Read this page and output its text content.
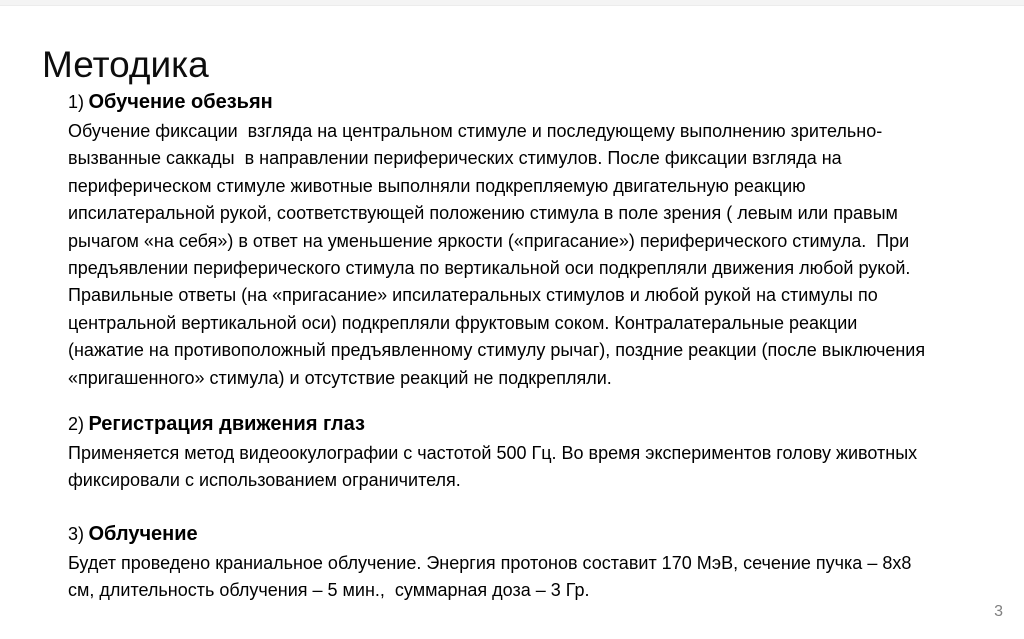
Методика

1) Обучение обезьян

Обучение фиксации  взгляда на центральном стимуле и последующему выполнению зрительно-вызванные саккады  в направлении периферических стимулов. После фиксации взгляда на периферическом стимуле животные выполняли подкрепляемую двигательную реакцию ипсилатеральной рукой, соответствующей положению стимула в поле зрения ( левым или правым рычагом «на себя») в ответ на уменьшение яркости («пригасание») периферического стимула.  При предъявлении периферического стимула по вертикальной оси подкрепляли движения любой рукой.  Правильные ответы (на «пригасание» ипсилатеральных стимулов и любой рукой на стимулы по центральной вертикальной оси) подкрепляли фруктовым соком. Контралатеральные реакции (нажатие на противоположный предъявленному стимулу рычаг), поздние реакции (после выключения «пригашенного» стимула) и отсутствие реакций не подкрепляли.

2) Регистрация движения глаз

Применяется метод видеоокулографии с частотой 500 Гц. Во время экспериментов голову животных фиксировали с использованием ограничителя.

3) Облучение

Будет проведено краниальное облучение. Энергия протонов составит 170 МэВ, сечение пучка – 8х8 см, длительность облучения – 5 мин.,  суммарная доза – 3 Гр.

3
